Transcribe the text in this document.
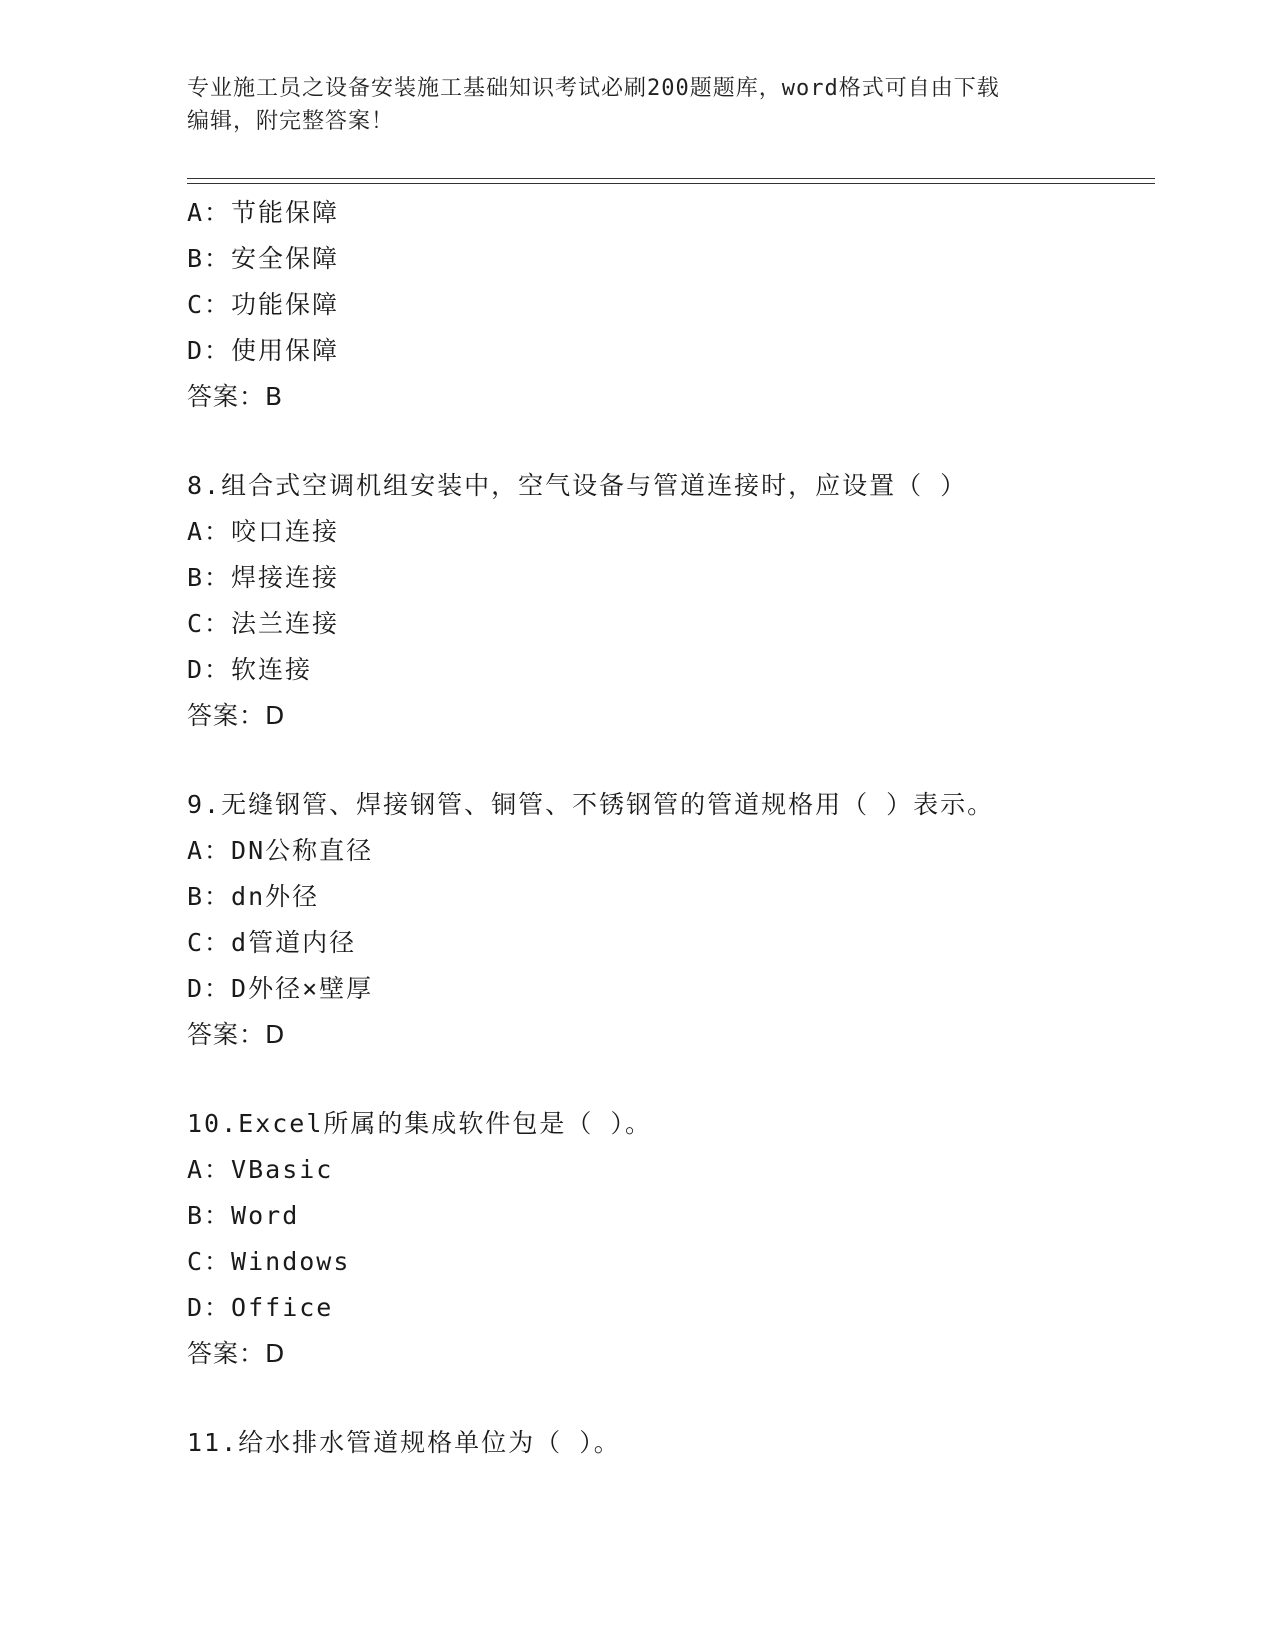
专业施工员之设备安装施工基础知识考试必刷200题题库，word格式可自由下载
编辑，附完整答案！
A：节能保障
B：安全保障
C：功能保障
D：使用保障
答案：B
8.组合式空调机组安装中，空气设备与管道连接时，应设置（ ）
A：咬口连接
B：焊接连接
C：法兰连接
D：软连接
答案：D
9.无缝钢管、焊接钢管、铜管、不锈钢管的管道规格用（ ）表示。
A：DN公称直径
B：dn外径
C：d管道内径
D：D外径×壁厚
答案：D
10.Excel所属的集成软件包是（ ）。
A：VBasic
B：Word
C：Windows
D：Office
答案：D
11.给水排水管道规格单位为（ ）。
